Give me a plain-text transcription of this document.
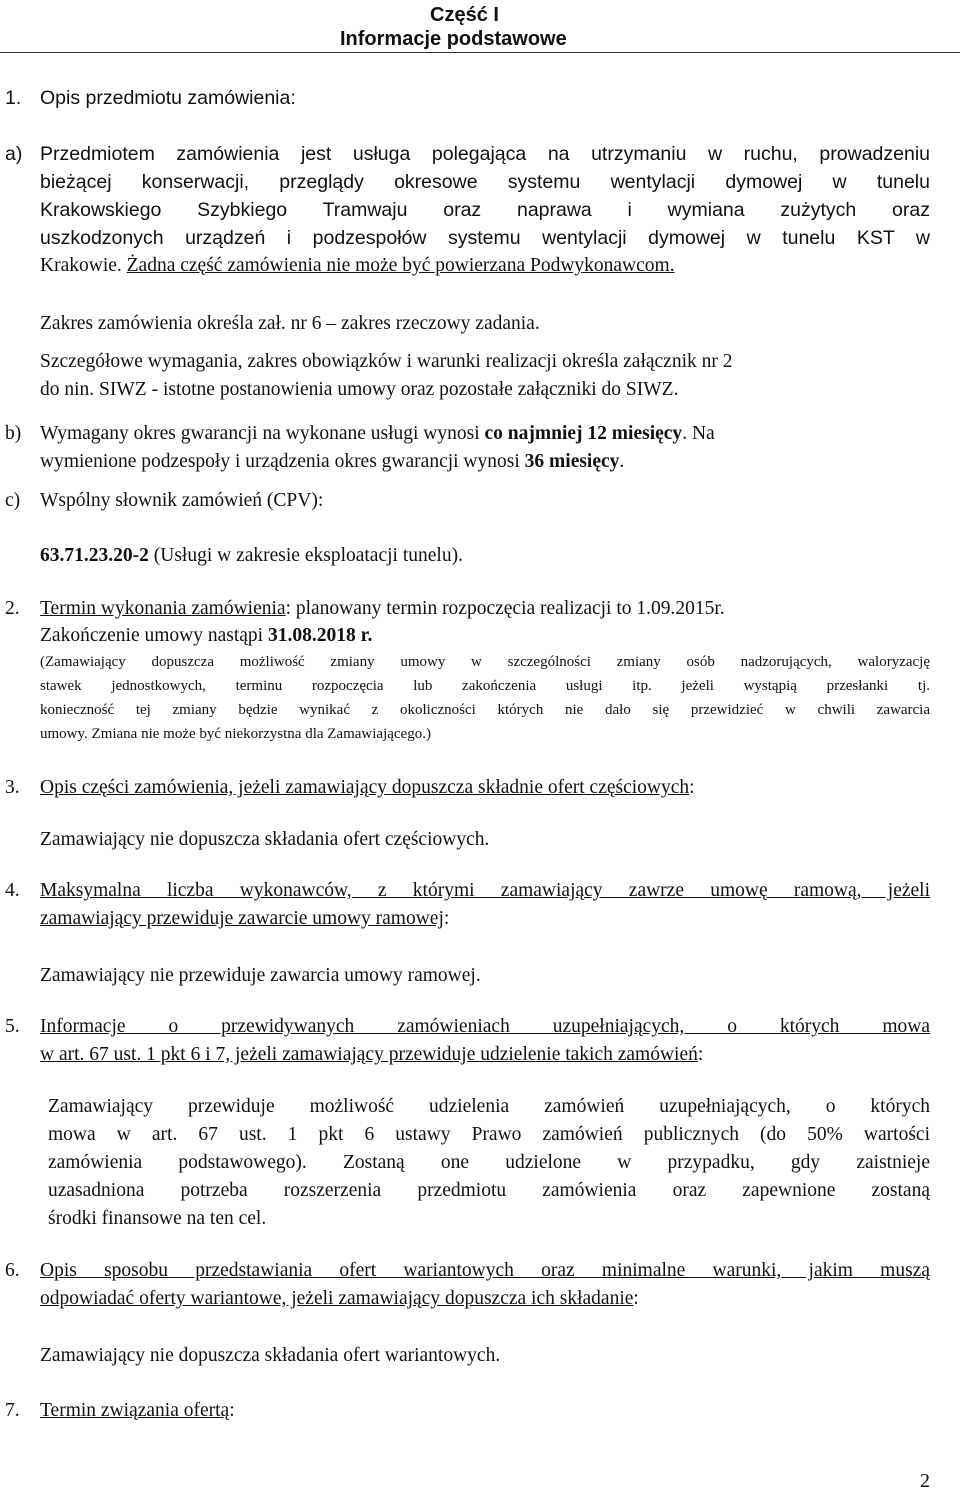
Część I
Informacje podstawowe
1. Opis przedmiotu zamówienia:
a) Przedmiotem zamówienia jest usługa polegająca na utrzymaniu w ruchu, prowadzeniu
bieżącej konserwacji, przeglądy okresowe systemu wentylacji dymowej w tunelu
Krakowskiego Szybkiego Tramwaju oraz naprawa i wymiana zużytych oraz
uszkodzonych urządzeń i podzespołów systemu wentylacji dymowej w tunelu KST w
Krakowie. Żadna część zamówienia nie może być powierzana Podwykonawcom.
Zakres zamówienia określa zał. nr 6 – zakres rzeczowy zadania.
Szczegółowe wymagania, zakres obowiązków i warunki realizacji określa załącznik nr 2
do nin. SIWZ - istotne postanowienia umowy oraz pozostałe załączniki do SIWZ.
b) Wymagany okres gwarancji na wykonane usługi wynosi co najmniej 12 miesięcy. Na
wymienione podzespoły i urządzenia okres gwarancji wynosi 36 miesięcy.
c) Wspólny słownik zamówień (CPV):
63.71.23.20-2 (Usługi w zakresie eksploatacji tunelu).
2. Termin wykonania zamówienia: planowany termin rozpoczęcia realizacji to 1.09.2015r.
Zakończenie umowy nastąpi 31.08.2018 r.
(Zamawiający dopuszcza możliwość zmiany umowy w szczególności zmiany osób nadzorujących, waloryzację
stawek jednostkowych, terminu rozpoczęcia lub zakończenia usługi itp. jeżeli wystąpią przesłanki tj.
konieczność tej zmiany będzie wynikać z okoliczności których nie dało się przewidzieć w chwili zawarcia
umowy. Zmiana nie może być niekorzystna dla Zamawiającego.)
3. Opis części zamówienia, jeżeli zamawiający dopuszcza składnie ofert częściowych:
Zamawiający nie dopuszcza składania ofert częściowych.
4. Maksymalna liczba wykonawców, z którymi zamawiający zawrze umowę ramową, jeżeli
zamawiający przewiduje zawarcie umowy ramowej:
Zamawiający nie przewiduje zawarcia umowy ramowej.
5. Informacje o przewidywanych zamówieniach uzupełniających, o których mowa
w art. 67 ust. 1 pkt 6 i 7, jeżeli zamawiający przewiduje udzielenie takich zamówień:
Zamawiający przewiduje możliwość udzielenia zamówień uzupełniających, o których
mowa w art. 67 ust. 1 pkt 6 ustawy Prawo zamówień publicznych (do 50% wartości
zamówienia podstawowego). Zostaną one udzielone w przypadku, gdy zaistnieje
uzasadniona potrzeba rozszerzenia przedmiotu zamówienia oraz zapewnione zostaną
środki finansowe na ten cel.
6. Opis sposobu przedstawiania ofert wariantowych oraz minimalne warunki, jakim muszą
odpowiadać oferty wariantowe, jeżeli zamawiający dopuszcza ich składanie:
Zamawiający nie dopuszcza składania ofert wariantowych.
7. Termin związania ofertą:
2
